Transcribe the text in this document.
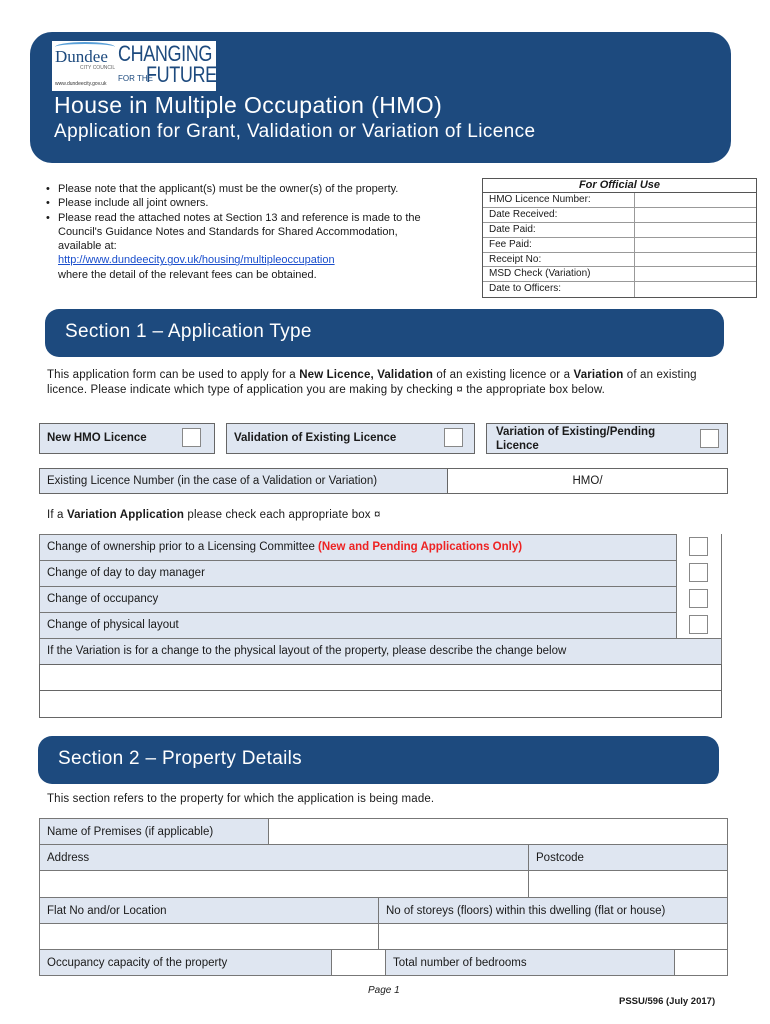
Dundee
CITY COUNCIL
www.dundeecity.gov.uk
CHANGING
FOR THE
FUTURE
House in Multiple Occupation (HMO)
Application for Grant, Validation or Variation of Licence
• Please note that the applicant(s) must be the owner(s) of the property.
• Please include all joint owners.
• Please read the attached notes at Section 13 and reference is made to the Council's Guidance Notes and Standards for Shared Accommodation, available at:
http://www.dundeecity.gov.uk/housing/multipleoccupation
where the detail of the relevant fees can be obtained.
For Official Use
HMO Licence Number:
Date Received:
Date Paid:
Fee Paid:
Receipt No:
MSD Check (Variation)
Date to Officers:
Section 1 – Application Type
This application form can be used to apply for a New Licence, Validation of an existing licence or a Variation of an existing licence. Please indicate which type of application you are making by checking ¤ the appropriate box below.
New HMO Licence	Validation of Existing Licence	Variation of Existing/Pending Licence
Existing Licence Number (in the case of a Validation or Variation)	HMO/
If a Variation Application please check each appropriate box ¤
Change of ownership prior to a Licensing Committee (New and Pending Applications Only)
Change of day to day manager
Change of occupancy
Change of physical layout
If the Variation is for a change to the physical layout of the property, please describe the change below
Section 2 – Property Details
This section refers to the property for which the application is being made.
Name of Premises (if applicable)
Address	Postcode
Flat No and/or Location	No of storeys (floors) within this dwelling (flat or house)
Occupancy capacity of the property	Total number of bedrooms
Page 1
PSSU/596 (July 2017)
